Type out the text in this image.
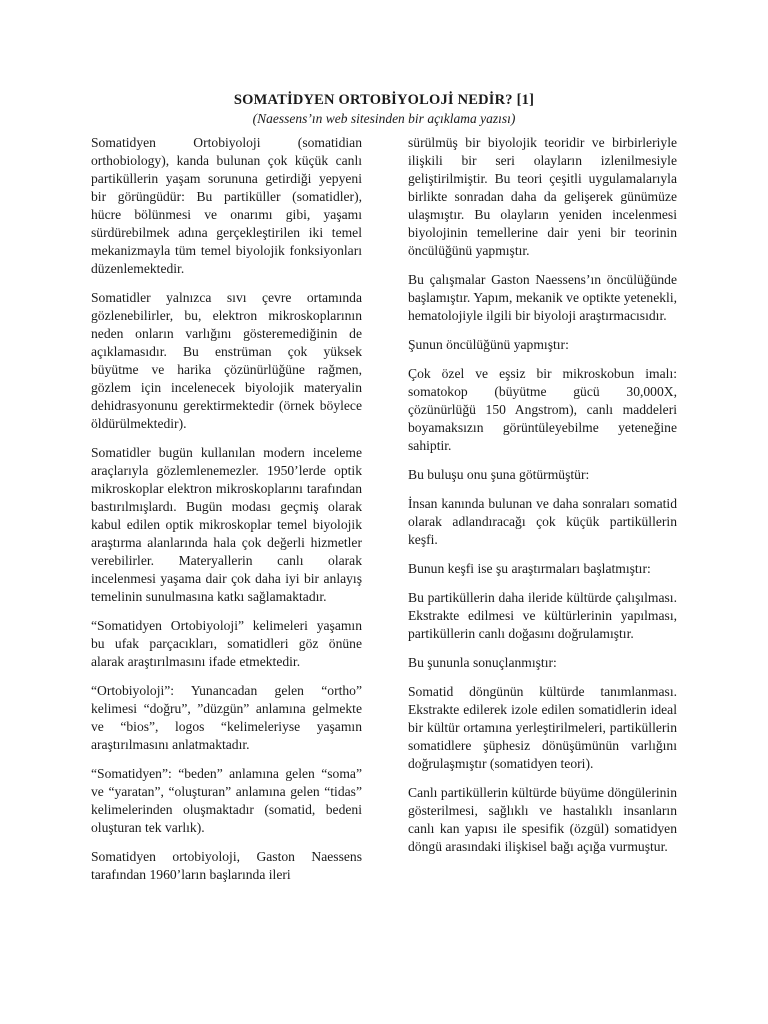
SOMATİDYEN ORTOBİYOLOJİ NEDİR? [1]
(Naessens’ın web sitesinden bir açıklama yazısı)

Somatidyen Ortobiyoloji (somatidian orthobiology), kanda bulunan çok küçük canlı partiküllerin yaşam sorununa getirdiği yepyeni bir görüngüdür: Bu partiküller (somatidler), hücre bölünmesi ve onarımı gibi, yaşamı sürdürebilmek adına gerçekleştirilen iki temel mekanizmayla tüm temel biyolojik fonksiyonları düzenlemektedir.

Somatidler yalnızca sıvı çevre ortamında gözlenebilirler, bu, elektron mikroskoplarının neden onların varlığını gösteremediğinin de açıklamasıdır. Bu enstrüman çok yüksek büyütme ve harika çözünürlüğüne rağmen, gözlem için incelenecek biyolojik materyalin dehidrasyonunu gerektirmektedir (örnek böylece öldürülmektedir).

Somatidler bugün kullanılan modern inceleme araçlarıyla gözlemlenemezler. 1950’lerde optik mikroskoplar elektron mikroskoplarını tarafından bastırılmışlardı. Bugün modası geçmiş olarak kabul edilen optik mikroskoplar temel biyolojik araştırma alanlarında hala çok değerli hizmetler verebilirler. Materyallerin canlı olarak incelenmesi yaşama dair çok daha iyi bir anlayış temelinin sunulmasına katkı sağlamaktadır.

“Somatidyen Ortobiyoloji” kelimeleri yaşamın bu ufak parçacıkları, somatidleri göz önüne alarak araştırılmasını ifade etmektedir.

“Ortobiyoloji”: Yunancadan gelen “ortho” kelimesi “doğru”, ”düzgün” anlamına gelmekte ve “bios”, logos “kelimeleriyse yaşamın araştırılmasını anlatmaktadır.

“Somatidyen”: “beden” anlamına gelen “soma” ve “yaratan”, “oluşturan” anlamına gelen “tidas” kelimelerinden oluşmaktadır (somatid, bedeni oluşturan tek varlık).

Somatidyen ortobiyoloji, Gaston Naessens tarafından 1960’ların başlarında ileri

sürülmüş bir biyolojik teoridir ve birbirleriyle ilişkili bir seri olayların izlenilmesiyle geliştirilmiştir. Bu teori çeşitli uygulamalarıyla birlikte sonradan daha da gelişerek günümüze ulaşmıştır. Bu olayların yeniden incelenmesi biyolojinin temellerine dair yeni bir teorinin öncülüğünü yapmıştır.

Bu çalışmalar Gaston Naessens’ın öncülüğünde başlamıştır. Yapım, mekanik ve optikte yetenekli, hematolojiyle ilgili bir biyoloji araştırmacısıdır.

Şunun öncülüğünü yapmıştır:

Çok özel ve eşsiz bir mikroskobun imalı: somatokop (büyütme gücü 30,000X, çözünürlüğü 150 Angstrom), canlı maddeleri boyamaksızın görüntüleyebilme yeteneğine sahiptir.

Bu buluşu onu şuna götürmüştür:

İnsan kanında bulunan ve daha sonraları somatid olarak adlandıracağı çok küçük partiküllerin keşfi.

Bunun keşfi ise şu araştırmaları başlatmıştır:

Bu partiküllerin daha ileride kültürde çalışılması. Ekstrakte edilmesi ve kültürlerinin yapılması, partiküllerin canlı doğasını doğrulamıştır.

Bu şununla sonuçlanmıştır:

Somatid döngünün kültürde tanımlanması. Ekstrakte edilerek izole edilen somatidlerin ideal bir kültür ortamına yerleştirilmeleri, partiküllerin somatidlere şüphesiz dönüşümünün varlığını doğrulaşmıştır (somatidyen teori).

Canlı partiküllerin kültürde büyüme döngülerinin gösterilmesi, sağlıklı ve hastalıklı insanların canlı kan yapısı ile spesifik (özgül) somatidyen döngü arasındaki ilişkisel bağı açığa vurmuştur.
